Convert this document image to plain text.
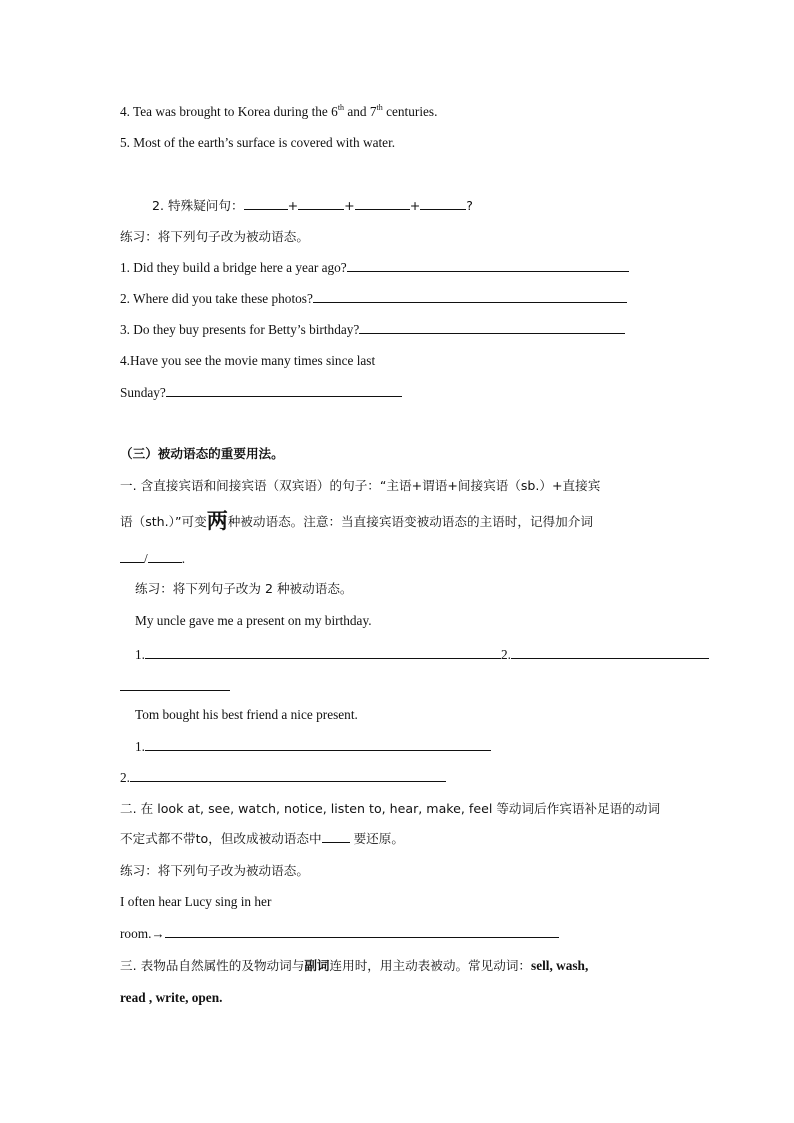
4. Tea was brought to Korea during the 6th and 7th centuries.
5. Most of the earth’s surface is covered with water.
2. 特殊疑问句：	+	+	+	?
练习：将下列句子改为被动语态。
1. Did they build a bridge here a year ago?
2. Where did you take these photos?
3. Do they buy presents for Betty’s birthday?
4.Have you see the movie many times since last
Sunday?
（三）被动语态的重要用法。
一. 含直接宾语和间接宾语（双宾语）的句子：“主语+谓语+间接宾语（sb.）+直接宾
语（sth.）”可变两种被动语态。注意：当直接宾语变被动语态的主语时，记得加介词
/	.
练习：将下列句子改为 2 种被动语态。
My uncle gave me a present on my birthday.
1.	2.
Tom bought his best friend a nice present.
1.
2.
二. 在 look at, see, watch, notice, listen to, hear, make, feel 等动词后作宾语补足语的动词
不定式都不带to，但改成被动语态中 要还原。
练习：将下列句子改为被动语态。
I often hear Lucy sing in her
room.→
三. 表物品自然属性的及物动词与副词连用时，用主动表被动。常见动词：sell, wash,
read , write, open.
